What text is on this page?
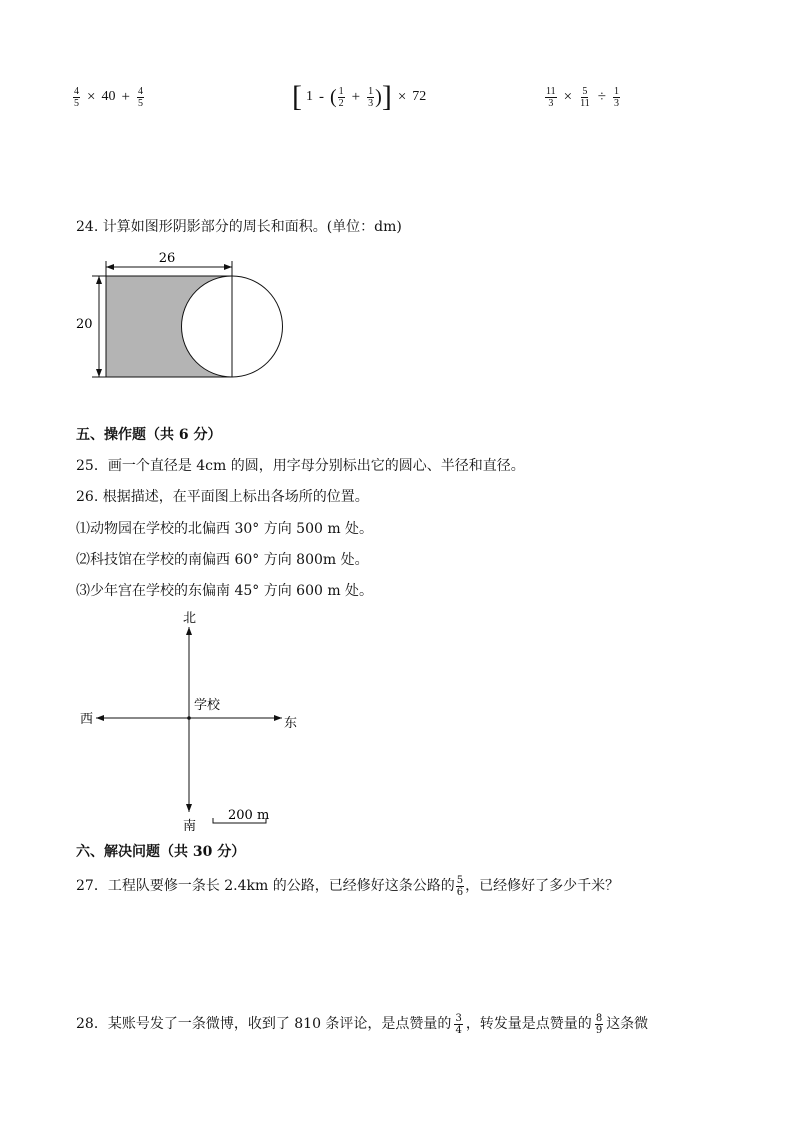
$\frac{4}{5} \times 40 + \frac{4}{5}$	[ 1 - ( $\frac{1}{2} + \frac{1}{3}$ ) ] × 72	$\frac{11}{3} \times \frac{5}{11} \div \frac{1}{3}$
24. 计算如图形阴影部分的周长和面积。(单位：dm)
26
20
五、操作题（共 6 分）
25．画一个直径是 4cm 的圆，用字母分别标出它的圆心、半径和直径。
26. 根据描述，在平面图上标出各场所的位置。
⑴动物园在学校的北偏西 30° 方向 500 m 处。
⑵科技馆在学校的南偏西 60° 方向 800m 处。
⑶少年宫在学校的东偏南 45° 方向 600 m 处。
北
南
西	东
学校
200 m
六、解决问题（共 30 分）
27．工程队要修一条长 2.4km 的公路，已经修好这条公路的 $\frac{5}{6}$ ，已经修好了多少千米？
28．某账号发了一条微博，收到了 810 条评论，是点赞量的 $\frac{3}{4}$ ，转发量是点赞量的 $\frac{8}{9}$ 这条微
